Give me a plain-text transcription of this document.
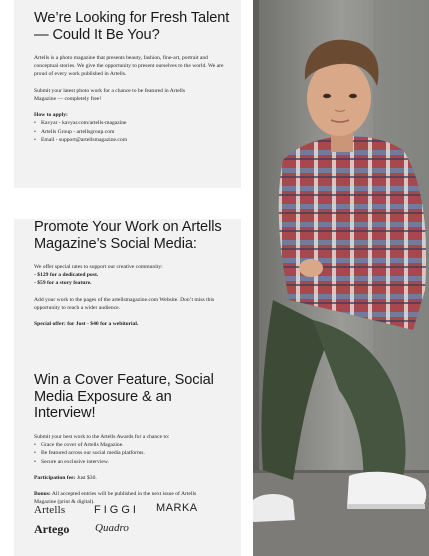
We’re Looking for Fresh Talent — Could It Be You?

Artells is a photo magazine that presents beauty, fashion, fine-art, portrait and conceptual stories. We give the opportunity to present ourselves to the world. We are proud of every work published in Artells.

Submit your latest photo work for a chance to be featured in Artells Magazine — completely free!

How to apply:

• Kavyar - kavyar.com/artells-magazine
• Artells Group - artellsgroup.com
• Email - support@artellsmagazine.com
Promote Your Work on Artells Magazine’s Social Media:

We offer special rates to support our creative community:

- $129 for a dedicated post.

- $59 for a story feature.

Add your work to the pages of the artellsmagazine.com Website. Don’t miss this opportunity to reach a wider audience.

Special offer: for Just - $40 for a webitorial.

Win a Cover Feature, Social Media Exposure & an Interview!

Submit your best work to the Artells Awards for a chance to:

• Grace the cover of Artells Magazine.
• Be featured across our social media platforms.
• Secure an exclusive interview.

Participation fee: Just $30.

Bonus: All accepted entries will be published in the next issue of Artells Magazine (print & digital).

Artells	FIGGI MARKA
Artego Quadro
